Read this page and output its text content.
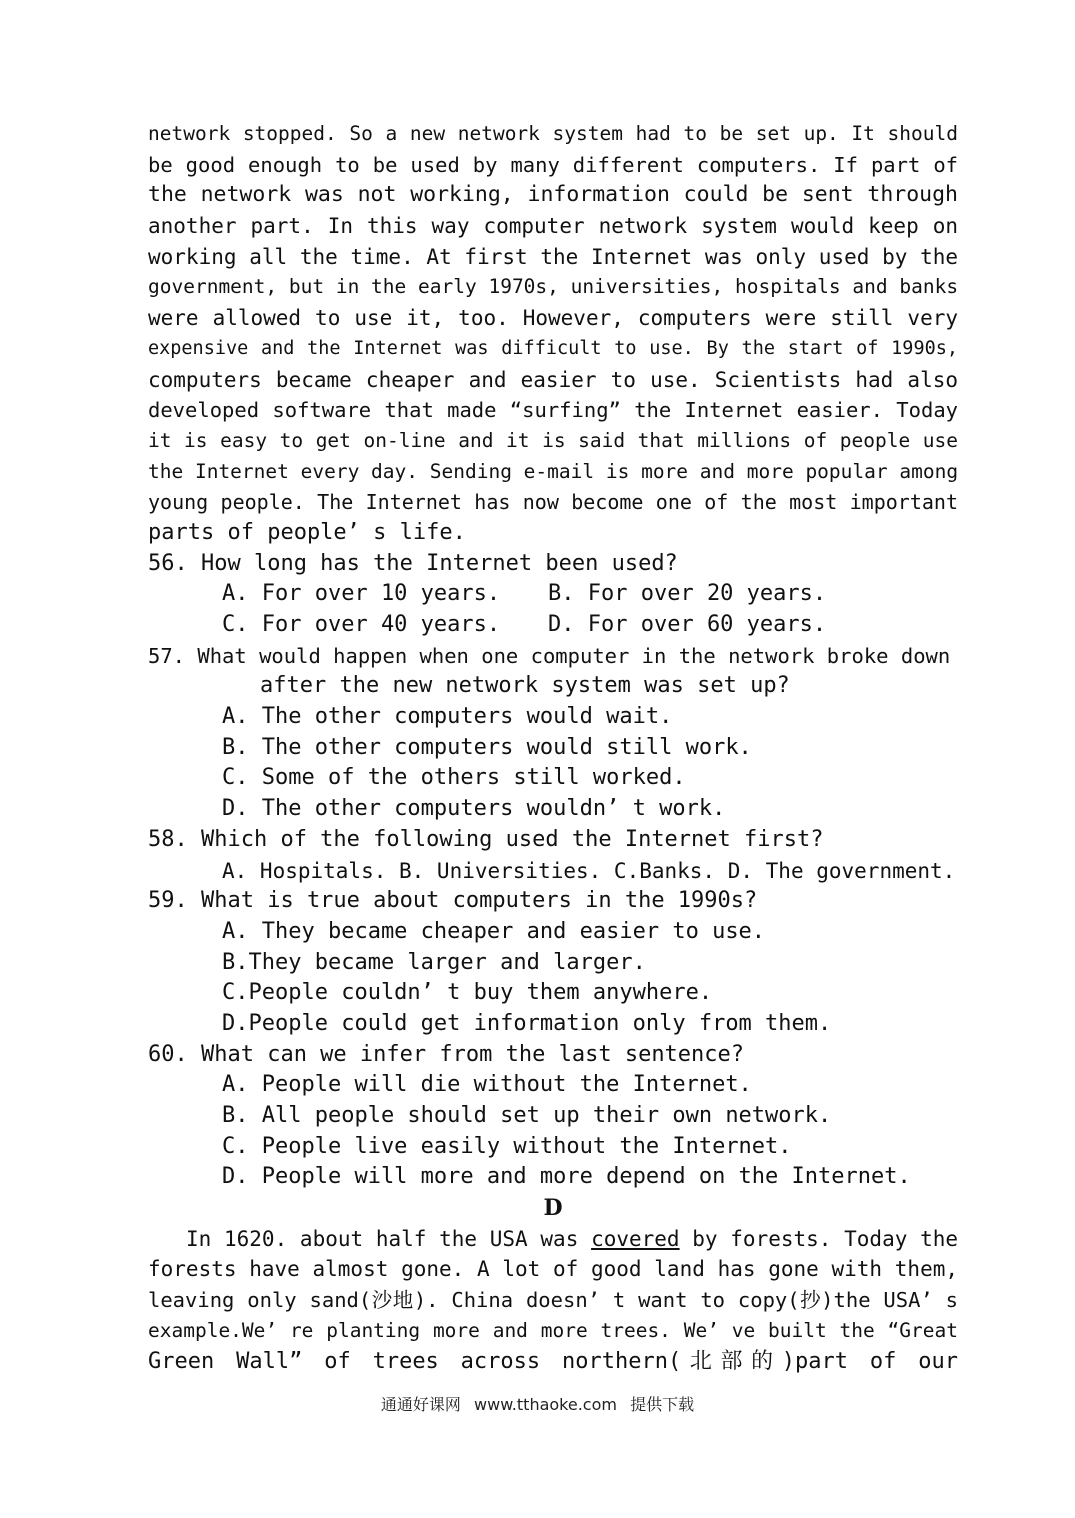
network stopped. So a new network system had to be set up. It should
be good enough to be used by many different computers. If part of
the network was not working, information could be sent through
another part. In this way computer network system would keep on
working all the time. At first the Internet was only used by the
government, but in the early 1970s, universities, hospitals and banks
were allowed to use it, too. However, computers were still very
expensive and the Internet was difficult to use. By the start of 1990s,
computers became cheaper and easier to use. Scientists had also
developed software that made “surfing” the Internet easier. Today
it is easy to get on-line and it is said that millions of people use
the Internet every day. Sending e-mail is more and more popular among
young people. The Internet has now become one of the most important
parts of people’ s life.
56. How long has the Internet been used?
A. For over 10 years.	B. For over 20 years.
C. For over 40 years.	D. For over 60 years.
57. What would happen when one computer in the network broke down
after the new network system was set up?
A. The other computers would wait.
B. The other computers would still work.
C. Some of the others still worked.
D. The other computers wouldn’ t work.
58. Which of the following used the Internet first?
A. Hospitals. B. Universities. C.Banks. D. The government.
59. What is true about computers in the 1990s?
A. They became cheaper and easier to use.
B.They became larger and larger.
C.People couldn’ t buy them anywhere.
D.People could get information only from them.
60. What can we infer from the last sentence?
A. People will die without the Internet.
B. All people should set up their own network.
C. People live easily without the Internet.
D. People will more and more depend on the Internet.
D
In 1620. about half the USA was covered by forests. Today the
forests have almost gone. A lot of good land has gone with them,
leaving only sand(沙地). China doesn’ t want to copy(抄)the USA’ s
example.We’ re planting more and more trees. We’ ve built the “Great
Green Wall” of trees across northern(北部的)part of our
通通好课网 www.tthaoke.com 提供下载
